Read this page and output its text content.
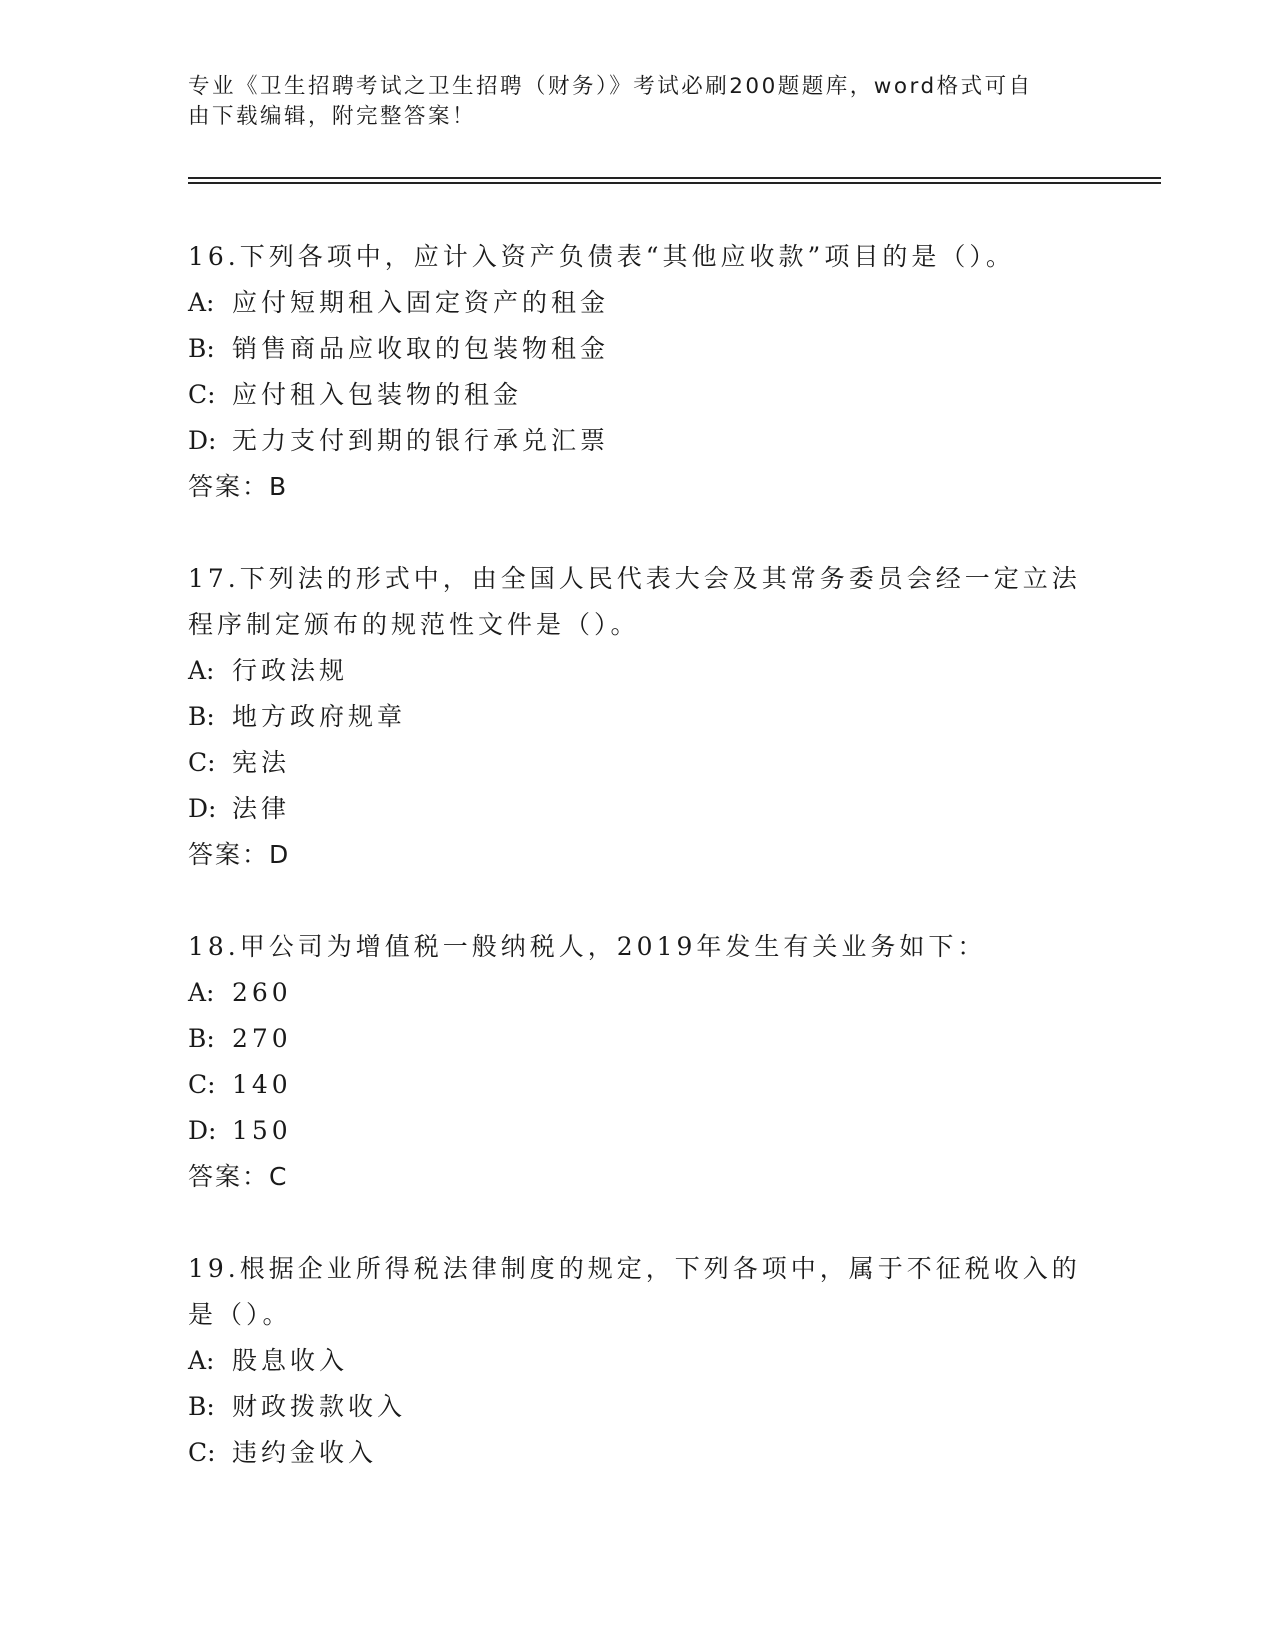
专业《卫生招聘考试之卫生招聘（财务）》考试必刷200题题库，word格式可自
由下载编辑，附完整答案！

16.下列各项中，应计入资产负债表“其他应收款”项目的是（）。

A: 应付短期租入固定资产的租金

B: 销售商品应收取的包装物租金

C: 应付租入包装物的租金

D: 无力支付到期的银行承兑汇票

答案：B

17.下列法的形式中，由全国人民代表大会及其常务委员会经一定立法

程序制定颁布的规范性文件是（）。

A: 行政法规

B: 地方政府规章

C: 宪法

D: 法律

答案：D

18.甲公司为增值税一般纳税人，2019年发生有关业务如下：

A: 260

B: 270

C: 140

D: 150

答案：C

19.根据企业所得税法律制度的规定，下列各项中，属于不征税收入的

是（）。

A: 股息收入

B: 财政拨款收入

C: 违约金收入
